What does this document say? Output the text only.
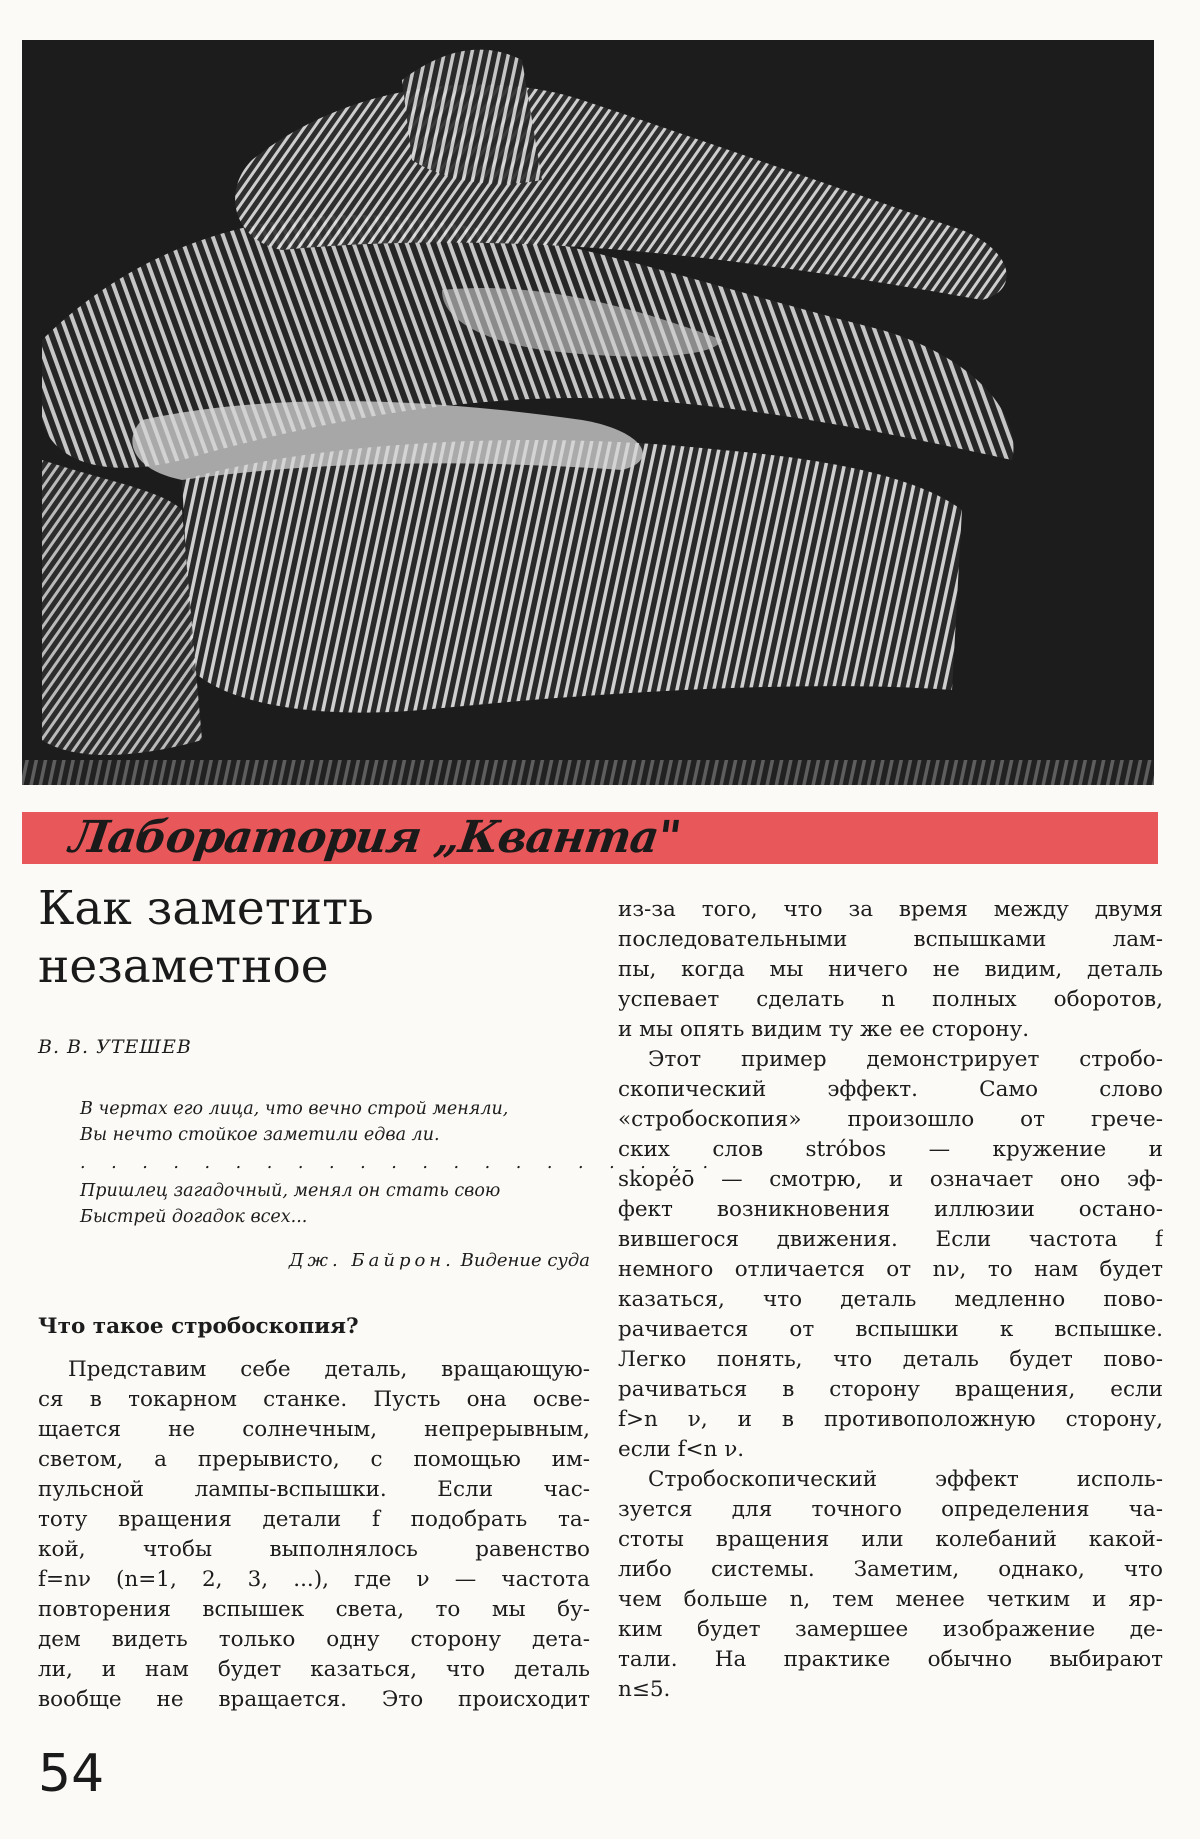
Лаборатория „Кванта"
Как заметить
незаметное
В. В. УТЕШЕВ
В чертах его лица, что вечно строй меняли,
Вы нечто стойкое заметили едва ли.
. . . . . . . . . . . . . . . . . . . . .
Пришлец загадочный, менял он стать свою
Быстрей догадок всех...
Дж. Байрон. Видение суда
Что такое стробоскопия?
Представим себе деталь, вращающую-
ся в токарном станке. Пусть она осве-
щается не солнечным, непрерывным,
светом, а прерывисто, с помощью им-
пульсной лампы-вспышки. Если час-
тоту вращения детали f подобрать та-
кой, чтобы выполнялось равенство
f=nν (n=1, 2, 3, ...), где ν — частота
повторения вспышек света, то мы бу-
дем видеть только одну сторону дета-
ли, и нам будет казаться, что деталь
вообще не вращается. Это происходит
из-за того, что за время между двумя
последовательными вспышками лам-
пы, когда мы ничего не видим, деталь
успевает сделать n полных оборотов,
и мы опять видим ту же ее сторону.
Этот пример демонстрирует стробо-
скопический эффект. Само слово
«стробоскопия» произошло от грече-
ских слов stróbos — кружение и
skopéō — смотрю, и означает оно эф-
фект возникновения иллюзии остано-
вившегося движения. Если частота f
немного отличается от nν, то нам будет
казаться, что деталь медленно пово-
рачивается от вспышки к вспышке.
Легко понять, что деталь будет пово-
рачиваться в сторону вращения, если
f>n ν, и в противоположную сторону,
если f<n ν.
Стробоскопический эффект исполь-
зуется для точного определения ча-
стоты вращения или колебаний какой-
либо системы. Заметим, однако, что
чем больше n, тем менее четким и яр-
ким будет замершее изображение де-
тали. На практике обычно выбирают
n≤5.
54
